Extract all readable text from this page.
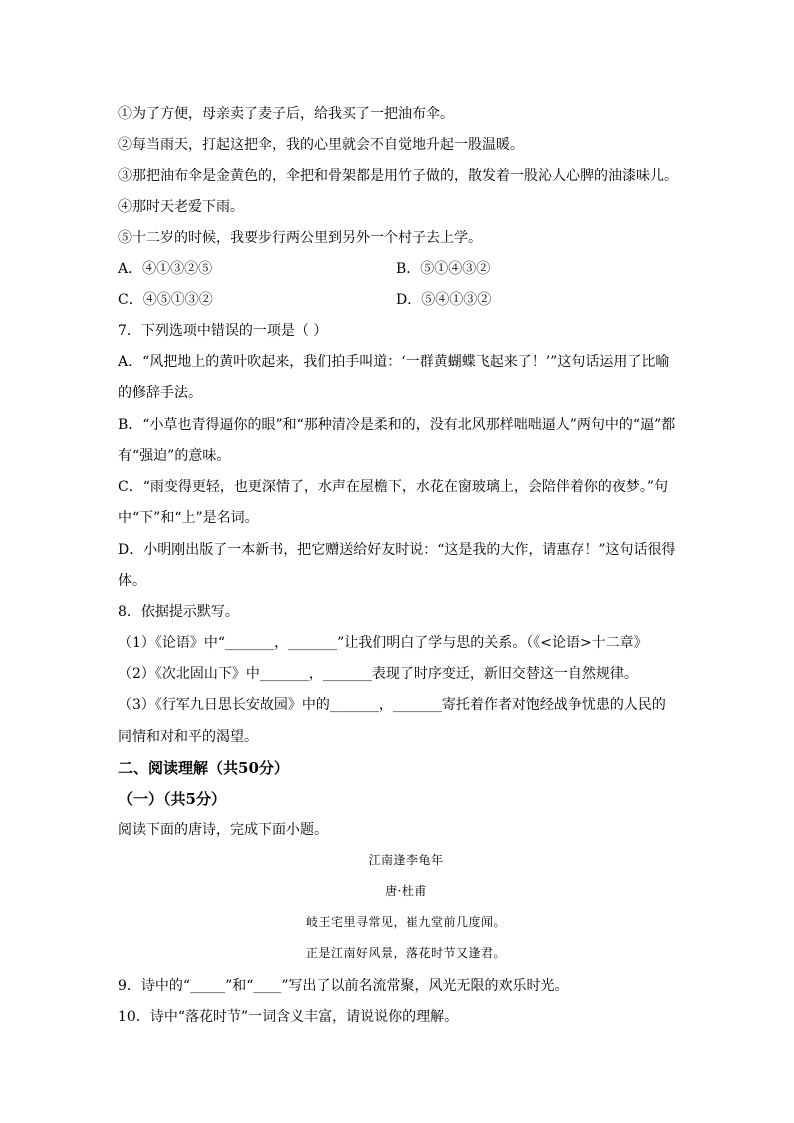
①为了方便，母亲卖了麦子后，给我买了一把油布伞。
②每当雨天，打起这把伞，我的心里就会不自觉地升起一股温暖。
③那把油布伞是金黄色的，伞把和骨架都是用竹子做的，散发着一股沁人心脾的油漆味儿。
④那时天老爱下雨。
⑤十二岁的时候，我要步行两公里到另外一个村子去上学。
A．④①③②⑤	B．⑤①④③②
C．④⑤①③②	D．⑤④①③②
7．下列选项中错误的一项是（ ）
A．“风把地上的黄叶吹起来，我们拍手叫道：‘一群黄蝴蝶飞起来了！’”这句话运用了比喻
的修辞手法。
B．“小草也青得逼你的眼”和“那种清冷是柔和的，没有北风那样咄咄逼人”两句中的“逼”都
有“强迫”的意味。
C．“雨变得更轻，也更深情了，水声在屋檐下，水花在窗玻璃上，会陪伴着你的夜梦。”句
中“下”和“上”是名词。
D．小明刚出版了一本新书，把它赠送给好友时说：“这是我的大作，请惠存！”这句话很得
体。
8．依据提示默写。
（1）《论语》中“_______，_______”让我们明白了学与思的关系。（《<论语>十二章》
（2）《次北固山下》中_______，_______表现了时序变迁，新旧交替这一自然规律。
（3）《行军九日思长安故园》中的_______，_______寄托着作者对饱经战争忧患的人民的
同情和对和平的渴望。
二、阅读理解（共50分）
（一）（共5分）
阅读下面的唐诗，完成下面小题。
江南逢李龟年
唐·杜甫
岐王宅里寻常见，崔九堂前几度闻。
正是江南好风景，落花时节又逢君。
9．诗中的“_____”和“____”写出了以前名流常聚，风光无限的欢乐时光。
10．诗中“落花时节”一词含义丰富，请说说你的理解。
